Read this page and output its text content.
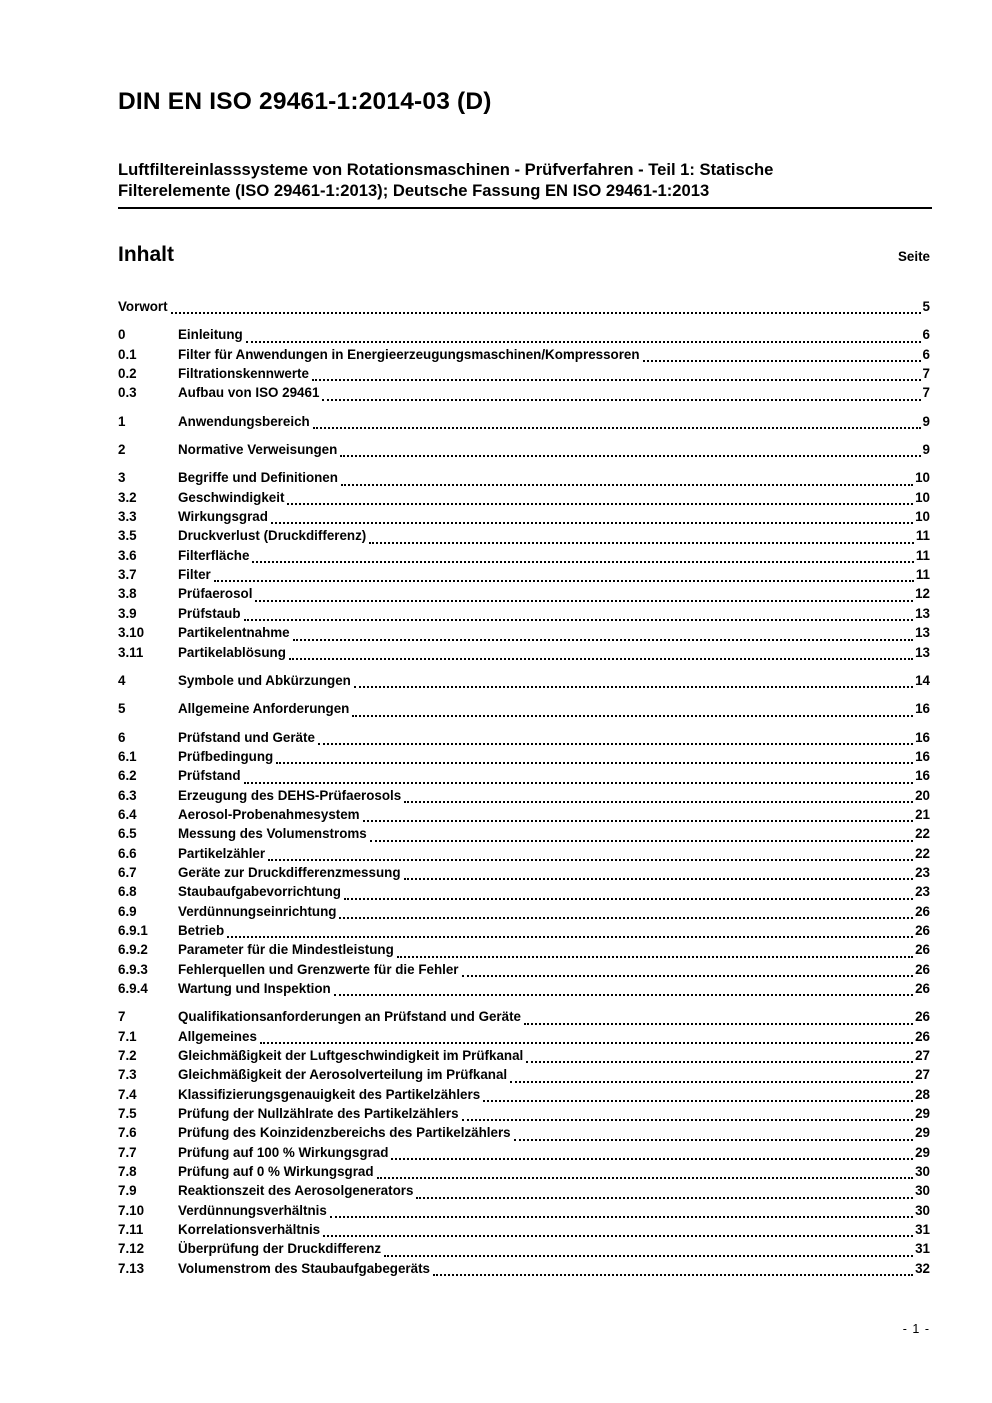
DIN EN ISO 29461-1:2014-03 (D)
Luftfiltereinlasssysteme von Rotationsmaschinen - Prüfverfahren - Teil 1: Statische
Filterelemente (ISO 29461-1:2013); Deutsche Fassung EN ISO 29461-1:2013
Inhalt	Seite
Vorwort	5
0	Einleitung	6
0.1	Filter für Anwendungen in Energieerzeugungsmaschinen/Kompressoren	6
0.2	Filtrationskennwerte	7
0.3	Aufbau von ISO 29461	7
1	Anwendungsbereich	9
2	Normative Verweisungen	9
3	Begriffe und Definitionen	10
3.2	Geschwindigkeit	10
3.3	Wirkungsgrad	10
3.5	Druckverlust (Druckdifferenz)	11
3.6	Filterfläche	11
3.7	Filter	11
3.8	Prüfaerosol	12
3.9	Prüfstaub	13
3.10	Partikelentnahme	13
3.11	Partikelablösung	13
4	Symbole und Abkürzungen	14
5	Allgemeine Anforderungen	16
6	Prüfstand und Geräte	16
6.1	Prüfbedingung	16
6.2	Prüfstand	16
6.3	Erzeugung des DEHS-Prüfaerosols	20
6.4	Aerosol-Probenahmesystem	21
6.5	Messung des Volumenstroms	22
6.6	Partikelzähler	22
6.7	Geräte zur Druckdifferenzmessung	23
6.8	Staubaufgabevorrichtung	23
6.9	Verdünnungseinrichtung	26
6.9.1	Betrieb	26
6.9.2	Parameter für die Mindestleistung	26
6.9.3	Fehlerquellen und Grenzwerte für die Fehler	26
6.9.4	Wartung und Inspektion	26
7	Qualifikationsanforderungen an Prüfstand und Geräte	26
7.1	Allgemeines	26
7.2	Gleichmäßigkeit der Luftgeschwindigkeit im Prüfkanal	27
7.3	Gleichmäßigkeit der Aerosolverteilung im Prüfkanal	27
7.4	Klassifizierungsgenauigkeit des Partikelzählers	28
7.5	Prüfung der Nullzählrate des Partikelzählers	29
7.6	Prüfung des Koinzidenzbereichs des Partikelzählers	29
7.7	Prüfung auf 100 % Wirkungsgrad	29
7.8	Prüfung auf 0 % Wirkungsgrad	30
7.9	Reaktionszeit des Aerosolgenerators	30
7.10	Verdünnungsverhältnis	30
7.11	Korrelationsverhältnis	31
7.12	Überprüfung der Druckdifferenz	31
7.13	Volumenstrom des Staubaufgabegeräts	32
- 1 -
